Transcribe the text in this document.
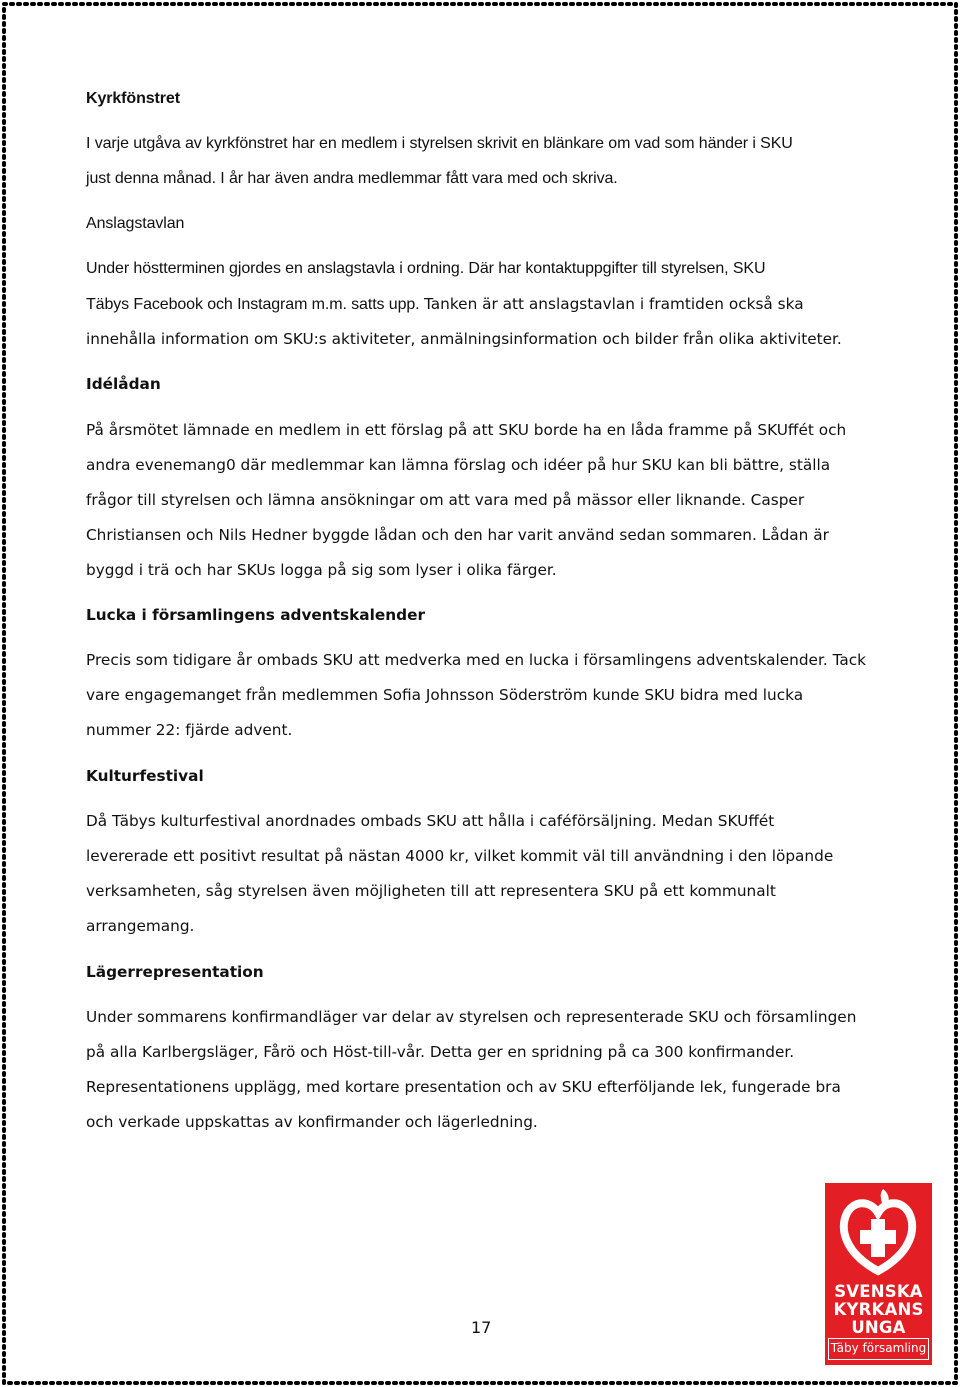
Kyrkfönstret
I varje utgåva av kyrkfönstret har en medlem i styrelsen skrivit en blänkare om vad som händer i SKU
just denna månad. I år har även andra medlemmar fått vara med och skriva.
Anslagstavlan
Under höstterminen gjordes en anslagstavla i ordning. Där har kontaktuppgifter till styrelsen, SKU
Täbys Facebook och Instagram m.m. satts upp. Tanken är att anslagstavlan i framtiden också ska
innehålla information om SKU:s aktiviteter, anmälningsinformation och bilder från olika aktiviteter.
Idélådan
På årsmötet lämnade en medlem in ett förslag på att SKU borde ha en låda framme på SKUffét och
andra evenemang0 där medlemmar kan lämna förslag och idéer på hur SKU kan bli bättre, ställa
frågor till styrelsen och lämna ansökningar om att vara med på mässor eller liknande. Casper
Christiansen och Nils Hedner byggde lådan och den har varit använd sedan sommaren. Lådan är
byggd i trä och har SKUs logga på sig som lyser i olika färger.
Lucka i församlingens adventskalender
Precis som tidigare år ombads SKU att medverka med en lucka i församlingens adventskalender. Tack
vare engagemanget från medlemmen Sofia Johnsson Söderström kunde SKU bidra med lucka
nummer 22: fjärde advent.
Kulturfestival
Då Täbys kulturfestival anordnades ombads SKU att hålla i caféförsäljning. Medan SKUffét
levererade ett positivt resultat på nästan 4000 kr, vilket kommit väl till användning i den löpande
verksamheten, såg styrelsen även möjligheten till att representera SKU på ett kommunalt
arrangemang.
Lägerrepresentation
Under sommarens konfirmandläger var delar av styrelsen och representerade SKU och församlingen
på alla Karlbergsläger, Fårö och Höst-till-vår. Detta ger en spridning på ca 300 konfirmander.
Representationens upplägg, med kortare presentation och av SKU efterföljande lek, fungerade bra
och verkade uppskattas av konfirmander och lägerledning.
17
SVENSKA
KYRKANS
UNGA
Täby församling
